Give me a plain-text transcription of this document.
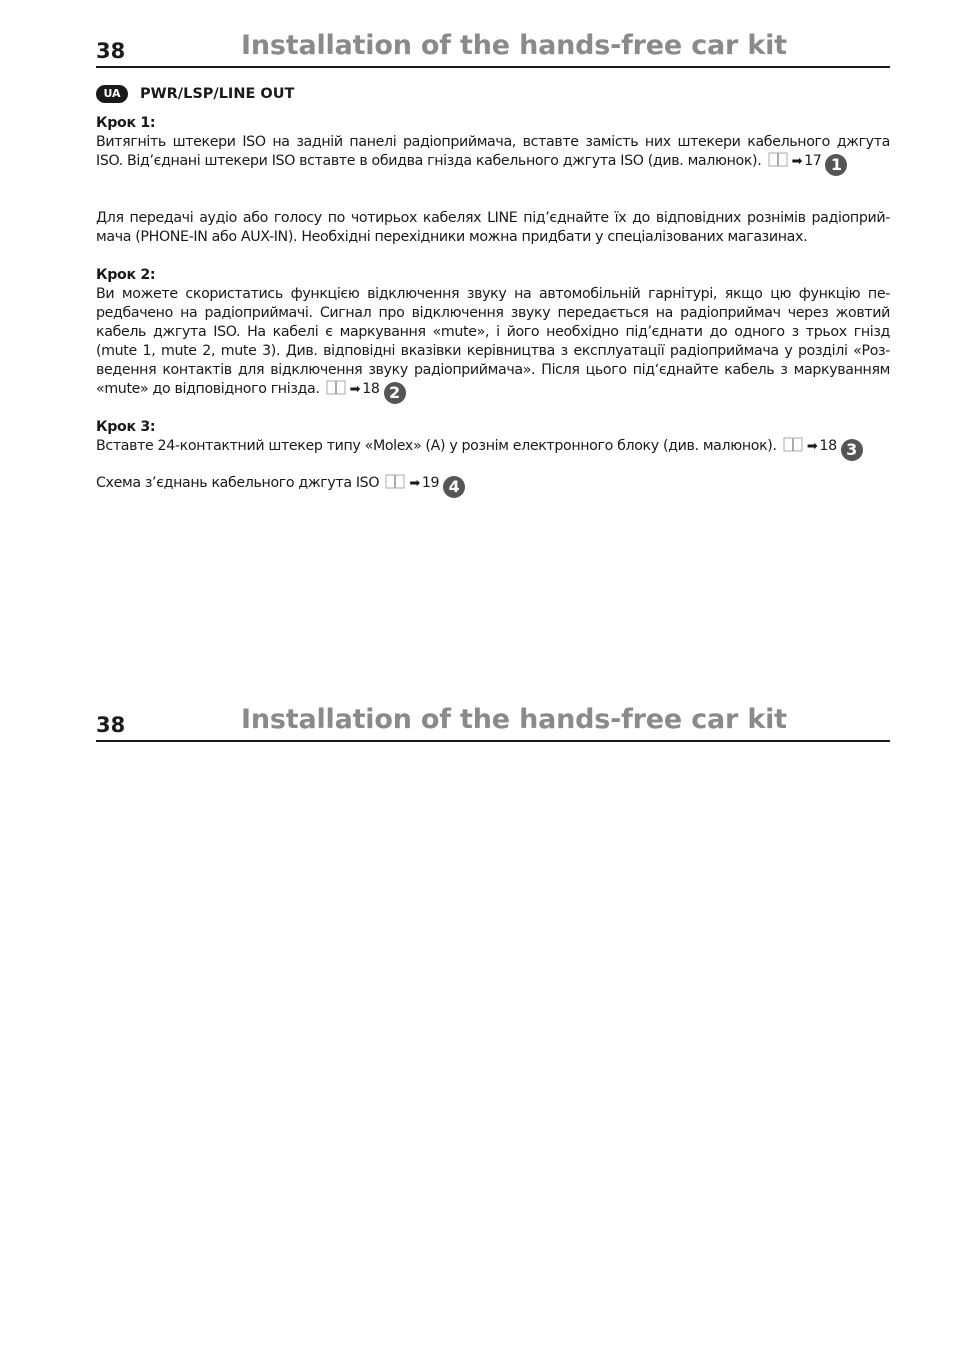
38	Installation of the hands-free car kit
UA	PWR/LSP/LINE OUT
Крок 1:

Витягніть штекери ISO на задній панелі радіоприймача, вставте замість них штекери кабельного джгута ISO. Від’єднані штекери ISO вставте в обидва гнізда кабельного джгута ISO (див. малюнок). ➡ 17 1

Для передачі аудіо або голосу по чотирьох кабелях LINE під’єднайте їх до відповідних рознімів радіоприй-мача (PHONE-IN або AUX-IN). Необхідні перехідники можна придбати у спеціалізованих магазинах.

Крок 2:

Ви можете скористатись функцією відключення звуку на автомобільній гарнітурі, якщо цю функцію пе-редбачено на радіоприймачі. Сигнал про відключення звуку передається на радіоприймач через жовтий кабель джгута ISO. На кабелі є маркування «mute», і його необхідно під’єднати до одного з трьох гнізд (mute 1, mute 2, mute 3). Див. відповідні вказівки керівництва з експлуатації радіоприймача у розділі «Роз-ведення контактів для відключення звуку радіоприймача». Після цього під‘єднайте кабель з маркуванням «mute» до відповідного гнізда. ➡ 18 2

Крок 3:

Вставте 24-контактний штекер типу «Molex» (A) у рознім електронного блоку (див. малюнок). ➡ 18 3

Схема з’єднань кабельного джгута ISO ➡ 19 4

38	Installation of the hands-free car kit
